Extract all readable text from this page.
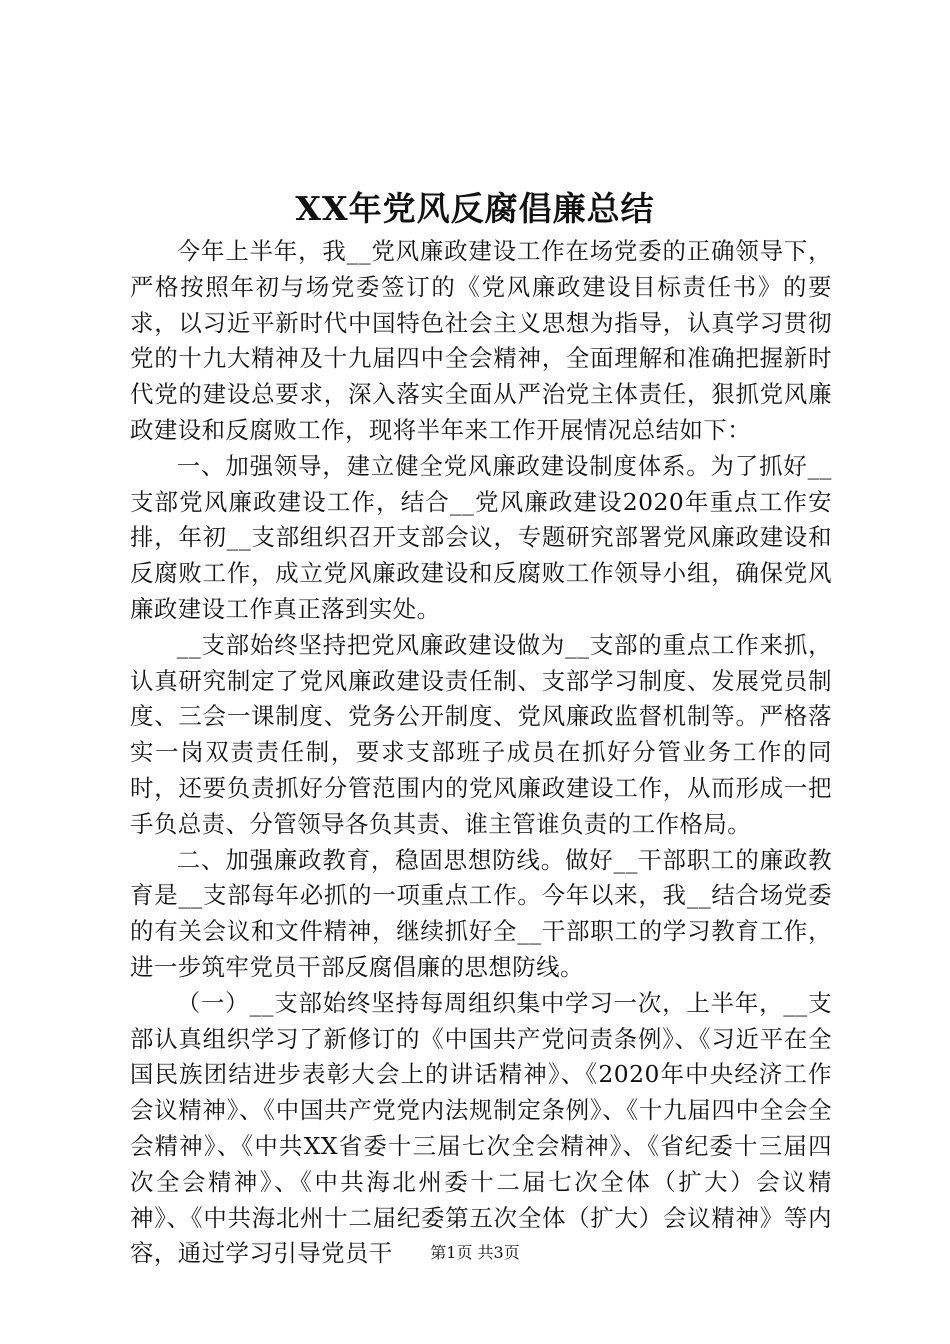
XX年党风反腐倡廉总结

今年上半年，我__党风廉政建设工作在场党委的正确领导下，严格按照年初与场党委签订的《党风廉政建设目标责任书》的要求，以习近平新时代中国特色社会主义思想为指导，认真学习贯彻党的十九大精神及十九届四中全会精神，全面理解和准确把握新时代党的建设总要求，深入落实全面从严治党主体责任，狠抓党风廉政建设和反腐败工作，现将半年来工作开展情况总结如下：

一、加强领导，建立健全党风廉政建设制度体系。为了抓好__支部党风廉政建设工作，结合__党风廉政建设2020年重点工作安排，年初__支部组织召开支部会议，专题研究部署党风廉政建设和反腐败工作，成立党风廉政建设和反腐败工作领导小组，确保党风廉政建设工作真正落到实处。

__支部始终坚持把党风廉政建设做为__支部的重点工作来抓，认真研究制定了党风廉政建设责任制、支部学习制度、发展党员制度、三会一课制度、党务公开制度、党风廉政监督机制等。严格落实一岗双责责任制，要求支部班子成员在抓好分管业务工作的同时，还要负责抓好分管范围内的党风廉政建设工作，从而形成一把手负总责、分管领导各负其责、谁主管谁负责的工作格局。

二、加强廉政教育，稳固思想防线。做好__干部职工的廉政教育是__支部每年必抓的一项重点工作。今年以来，我__结合场党委的有关会议和文件精神，继续抓好全__干部职工的学习教育工作，进一步筑牢党员干部反腐倡廉的思想防线。

（一）__支部始终坚持每周组织集中学习一次，上半年，__支部认真组织学习了新修订的《中国共产党问责条例》、《习近平在全国民族团结进步表彰大会上的讲话精神》、《2020年中央经济工作会议精神》、《中国共产党党内法规制定条例》、《十九届四中全会全会精神》、《中共XX省委十三届七次全会精神》、《省纪委十三届四次全会精神》、《中共海北州委十二届七次全体（扩大）会议精神》、《中共海北州十二届纪委第五次全体（扩大）会议精神》等内容，通过学习引导党员干	第1页 共3页
